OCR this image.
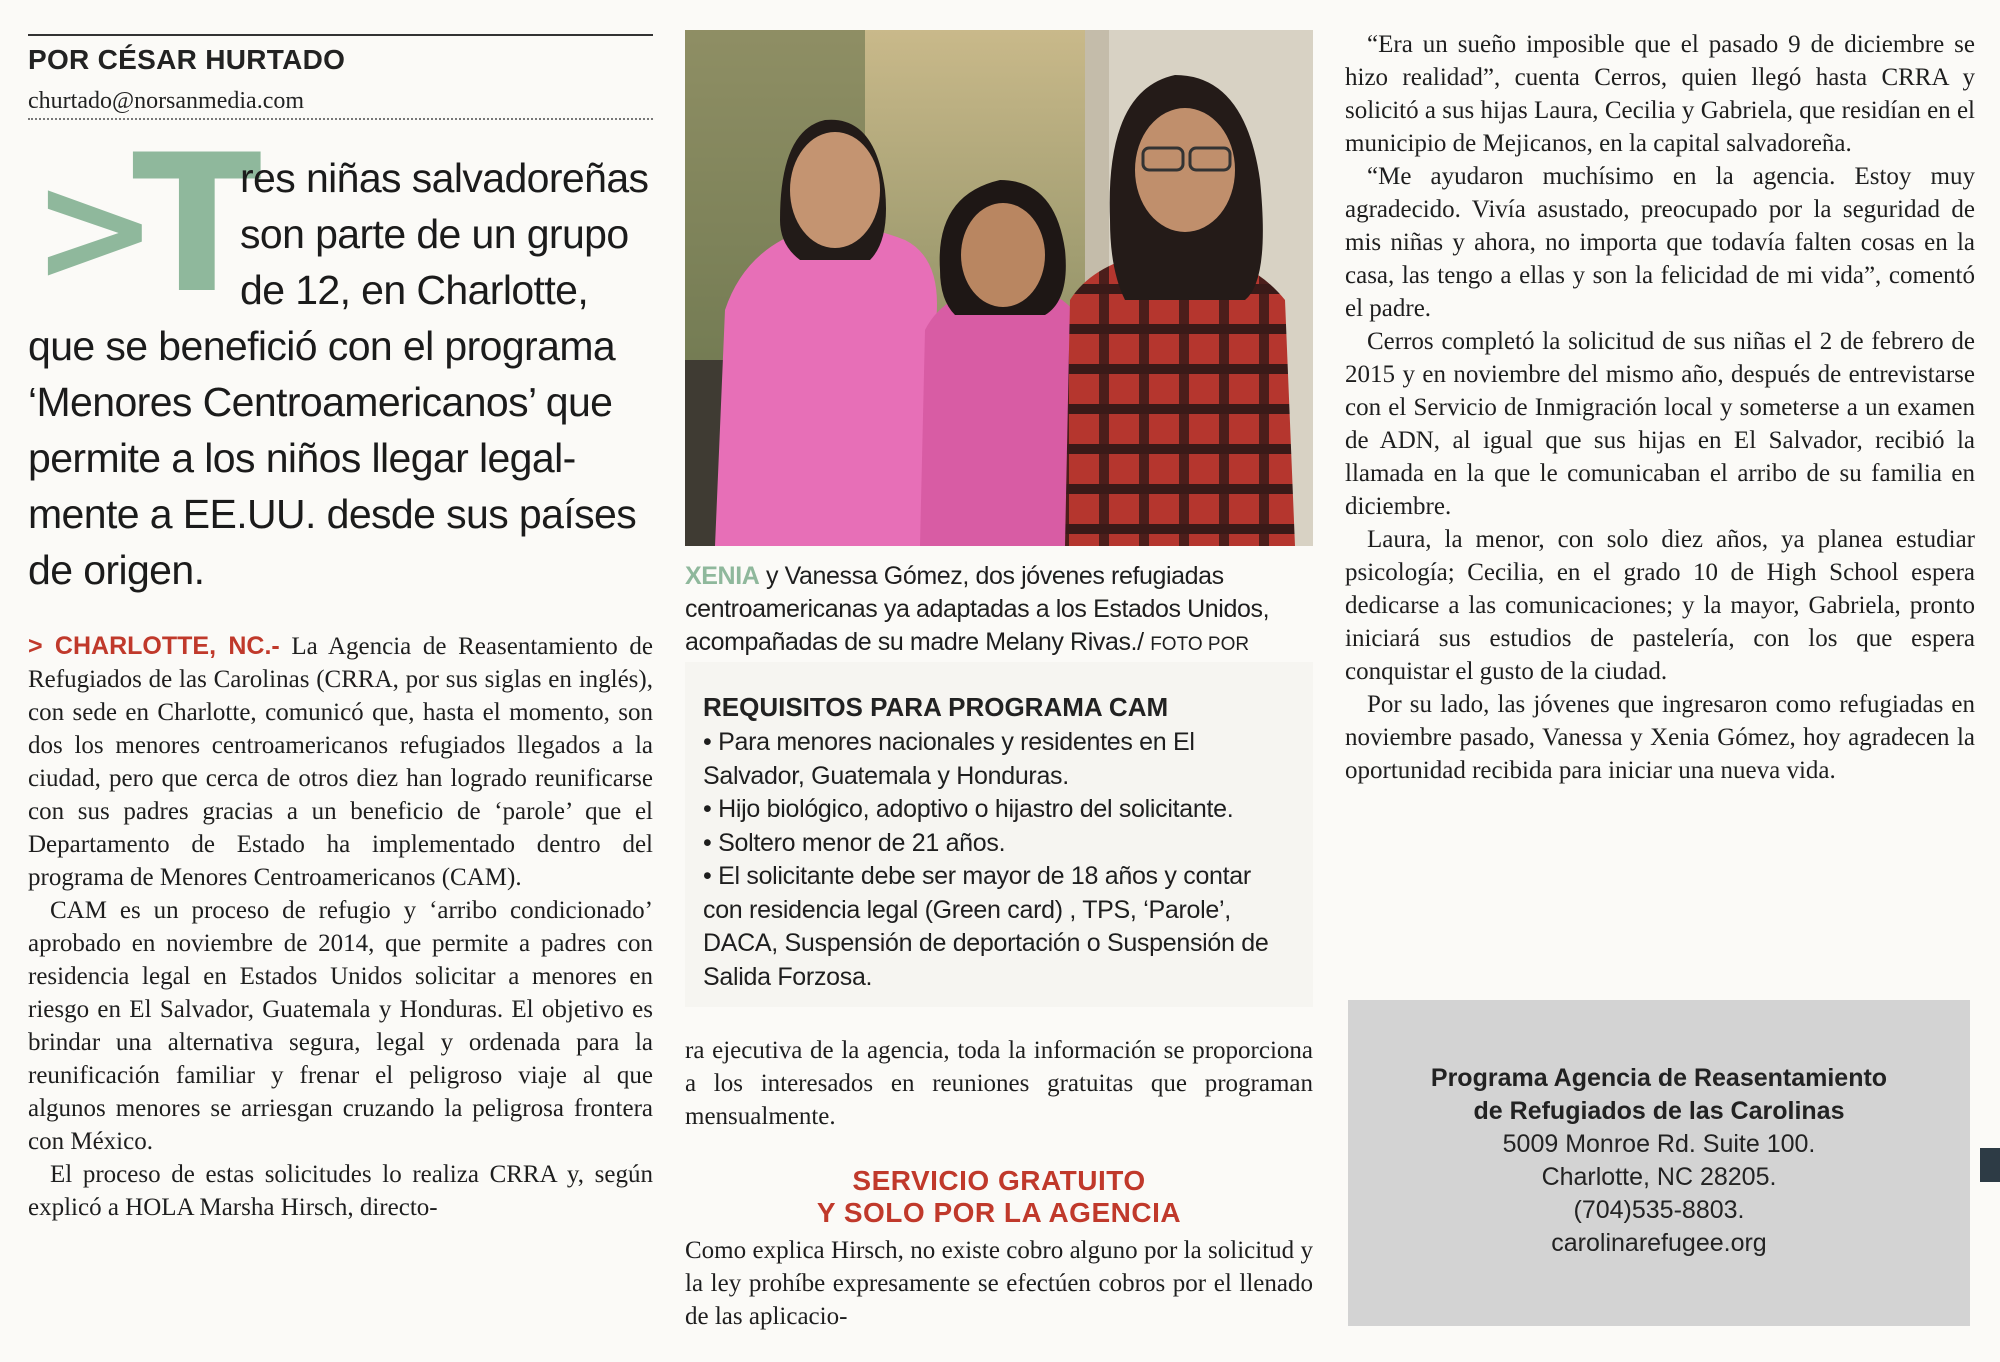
POR CÉSAR HURTADO
churtado@norsanmedia.com
>
T
res niñas salvadoreñas
son parte de un grupo
de 12, en Charlotte,
que se benefició con el programa
‘Menores Centroamericanos’ que
permite a los niños llegar legal-
mente a EE.UU. desde sus países
de origen.

> CHARLOTTE, NC.- La Agencia de Reasentamiento de Refugiados de las Carolinas (CRRA, por sus siglas en inglés), con sede en Charlotte, comunicó que, hasta el momento, son dos los menores centroamericanos refugiados llegados a la ciudad, pero que cerca de otros diez han logrado reunificarse con sus padres gracias a un beneficio de ‘parole’ que el Departamento de Estado ha implementado dentro del programa de Menores Centroamericanos (CAM).

CAM es un proceso de refugio y ‘arribo condicionado’ aprobado en noviembre de 2014, que permite a padres con residencia legal en Estados Unidos solicitar a menores en riesgo en El Salvador, Guatemala y Honduras. El objetivo es brindar una alternativa segura, legal y ordenada para la reunificación familiar y frenar el peligroso viaje al que algunos menores se arriesgan cruzando la peligrosa frontera con México.

El proceso de estas solicitudes lo realiza CRRA y, según explicó a HOLA Marsha Hirsch, directo-

XENIA y Vanessa Gómez, dos jóvenes refugiadas centroamericanas ya adaptadas a los Estados Unidos, acompañadas de su madre Melany Rivas./ FOTO POR

REQUISITOS PARA PROGRAMA CAM
• Para menores nacionales y residentes en El Salvador, Guatemala y Honduras.
• Hijo biológico, adoptivo o hijastro del solicitante.
• Soltero menor de 21 años.
• El solicitante debe ser mayor de 18 años y contar con residencia legal (Green card) , TPS, ‘Parole’, DACA, Suspensión de deportación o Suspensión de Salida Forzosa.

ra ejecutiva de la agencia, toda la información se proporciona a los interesados en reuniones gratuitas que programan mensualmente.

SERVICIO GRATUITO
Y SOLO POR LA AGENCIA

Como explica Hirsch, no existe cobro alguno por la solicitud y la ley prohíbe expresamente se efectúen cobros por el llenado de las aplicacio-

“Era un sueño imposible que el pasado 9 de diciembre se hizo realidad”, cuenta Cerros, quien llegó hasta CRRA y solicitó a sus hijas Laura, Cecilia y Gabriela, que residían en el municipio de Mejicanos, en la capital salvadoreña.

“Me ayudaron muchísimo en la agencia. Estoy muy agradecido. Vivía asustado, preocupado por la seguridad de mis niñas y ahora, no importa que todavía falten cosas en la casa, las tengo a ellas y son la felicidad de mi vida”, comentó el padre.

Cerros completó la solicitud de sus niñas el 2 de febrero de 2015 y en noviembre del mismo año, después de entrevistarse con el Servicio de Inmigración local y someterse a un examen de ADN, al igual que sus hijas en El Salvador, recibió la llamada en la que le comunicaban el arribo de su familia en diciembre.

Laura, la menor, con solo diez años, ya planea estudiar psicología; Cecilia, en el grado 10 de High School espera dedicarse a las comunicaciones; y la mayor, Gabriela, pronto iniciará sus estudios de pastelería, con los que espera conquistar el gusto de la ciudad.

Por su lado, las jóvenes que ingresaron como refugiadas en noviembre pasado, Vanessa y Xenia Gómez, hoy agradecen la oportunidad recibida para iniciar una nueva vida.

Programa Agencia de Reasentamiento
de Refugiados de las Carolinas
5009 Monroe Rd. Suite 100.
Charlotte, NC 28205.
(704)535-8803.
carolinarefugee.org
